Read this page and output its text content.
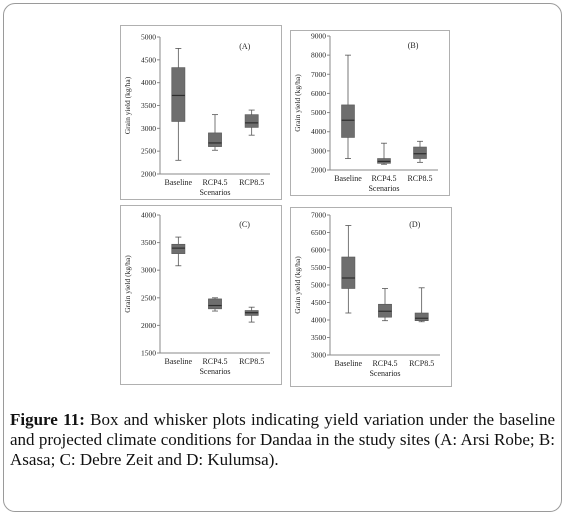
2000
2500
3000
3500
4000
4500
5000
Grain yield (kg/ha)
(A)
Baseline RCP4.5 RCP8.5
Scenarios
2000
3000
4000
5000
6000
7000
8000
9000
Grain yield (kg/ha)
(B)
Baseline RCP4.5 RCP8.5
Scenarios
1500
2000
2500
3000
3500
4000
Grain yield (kg/ha)
(C)
Baseline RCP4.5 RCP8.5
Scenarios
3000
3500
4000
4500
5000
5500
6000
6500
7000
Grain yield (kg/ha)
(D)
Baseline RCP4.5 RCP8.5
Scenarios
Figure 11: Box and whisker plots indicating yield variation under the baseline and projected climate conditions for Dandaa in the study sites (A: Arsi Robe; B: Asasa; C: Debre Zeit and D: Kulumsa).
